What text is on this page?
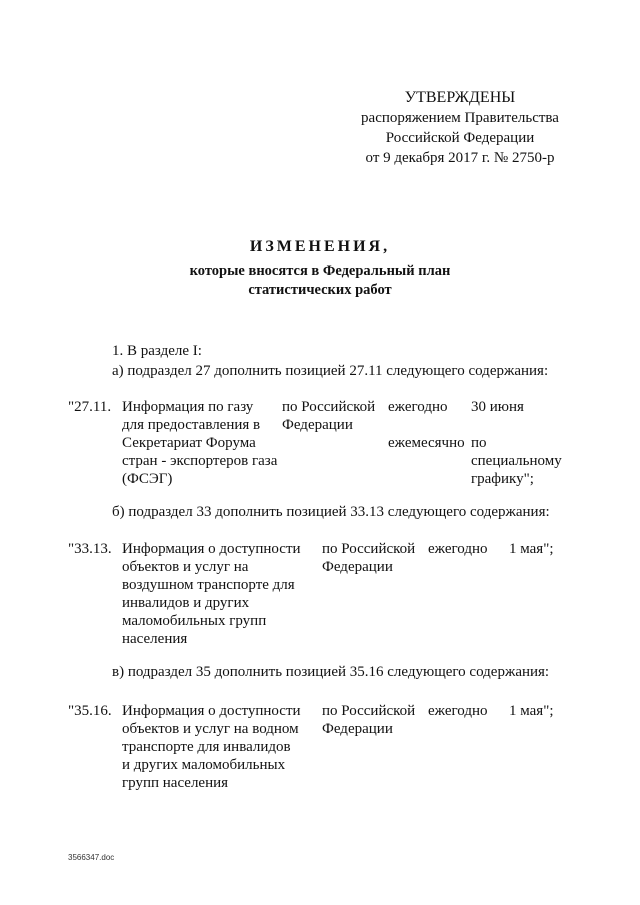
УТВЕРЖДЕНЫ
распоряжением Правительства
Российской Федерации
от 9 декабря 2017 г. № 2750-р
ИЗМЕНЕНИЯ,
которые вносятся в Федеральный план
статистических работ
1. В разделе I:
а) подраздел 27 дополнить позицией 27.11 следующего содержания:
"27.11. Информация по газу
для предоставления в
Секретариат Форума
стран - экспортеров газа
(ФСЭГ)
по Российской
Федерации
ежегодно 30 июня
ежемесячно по
специальному
графику";
б) подраздел 33 дополнить позицией 33.13 следующего содержания:
"33.13. Информация о доступности
объектов и услуг на
воздушном транспорте для
инвалидов и других
маломобильных групп
населения
по Российской
Федерации
ежегодно 1 мая";
в) подраздел 35 дополнить позицией 35.16 следующего содержания:
"35.16. Информация о доступности
объектов и услуг на водном
транспорте для инвалидов
и других маломобильных
групп населения
по Российской
Федерации
ежегодно 1 мая";
3566347.doc
